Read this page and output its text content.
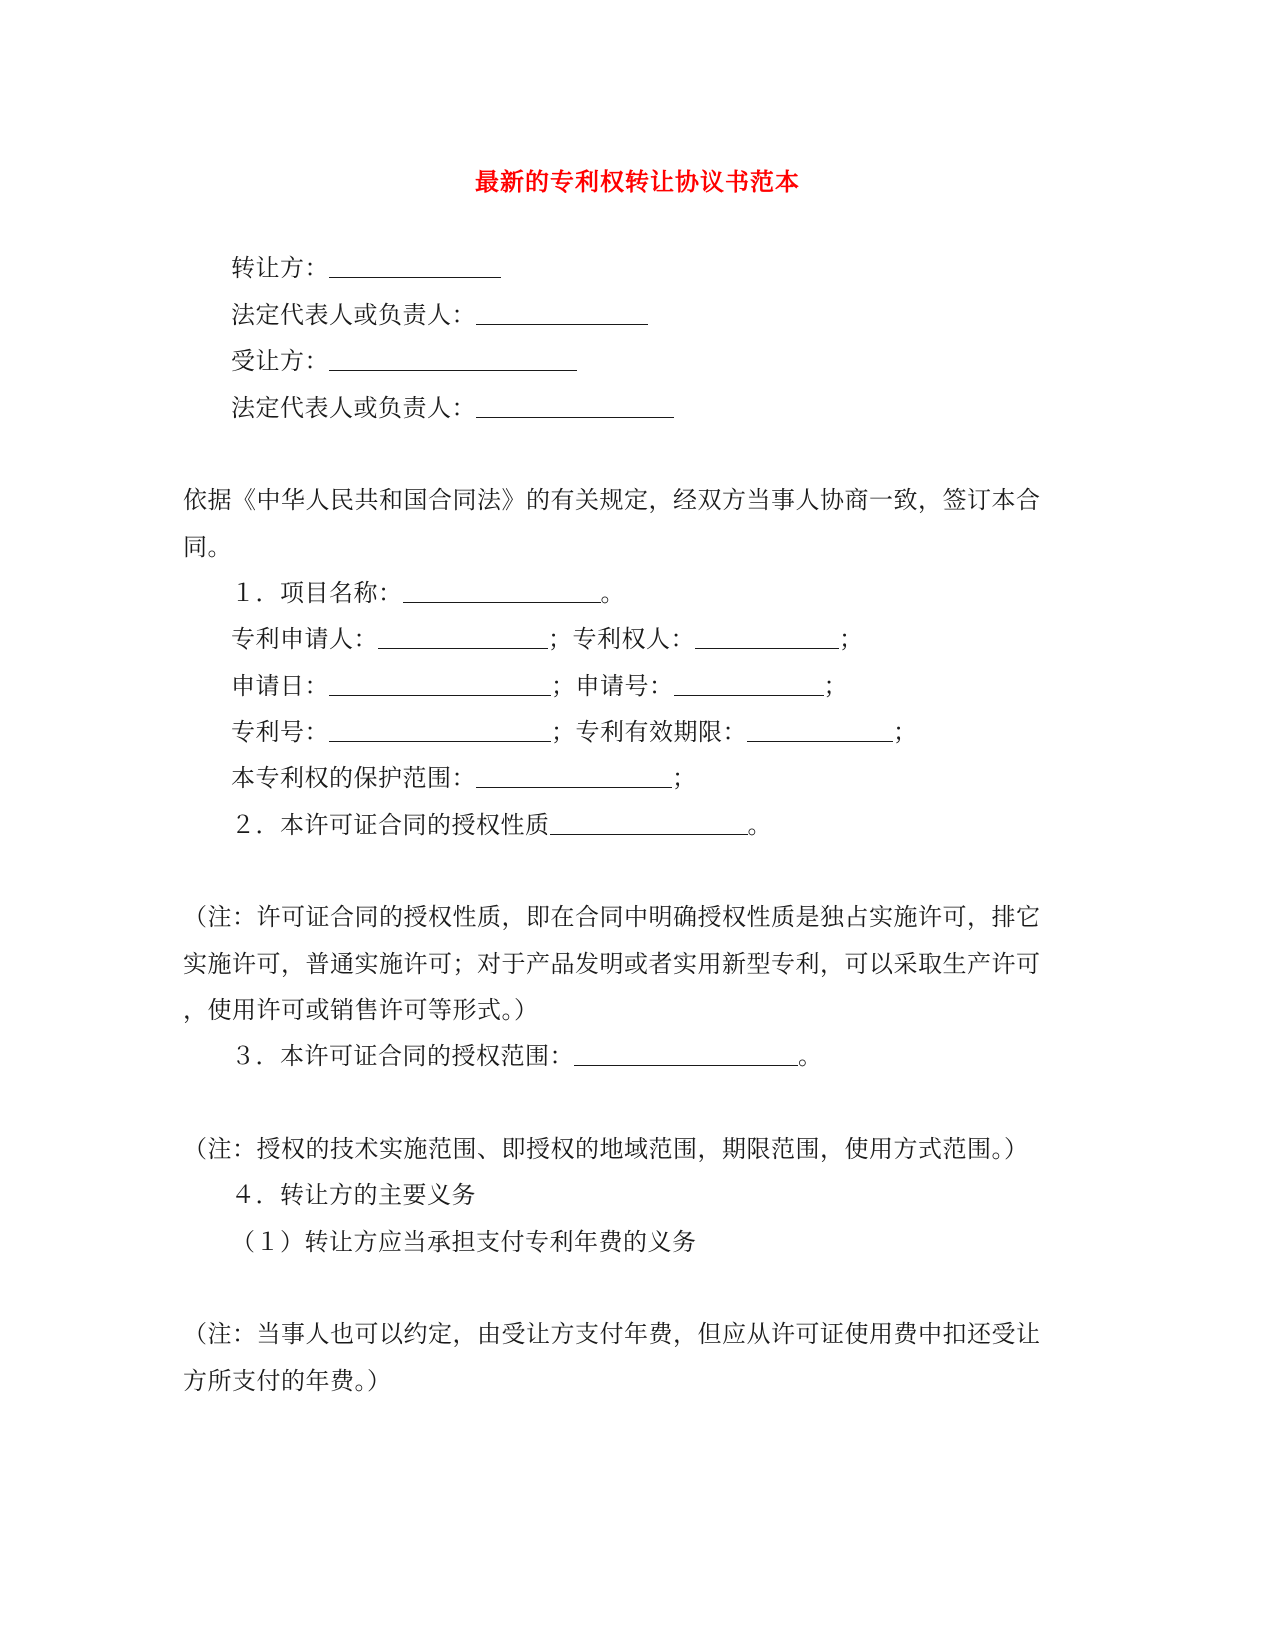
最新的专利权转让协议书范本
转让方：
法定代表人或负责人：
受让方：
法定代表人或负责人：
依据《中华人民共和国合同法》的有关规定，经双方当事人协商一致，签订本合
同。
１．项目名称：	。
专利申请人：	；专利权人：	；
申请日：	；申请号：	；
专利号：	；专利有效期限：	；
本专利权的保护范围：	；
２．本许可证合同的授权性质	。
（注：许可证合同的授权性质，即在合同中明确授权性质是独占实施许可，排它
实施许可，普通实施许可；对于产品发明或者实用新型专利，可以采取生产许可
，使用许可或销售许可等形式。）
３．本许可证合同的授权范围：	。
（注：授权的技术实施范围、即授权的地域范围，期限范围，使用方式范围。）
４．转让方的主要义务
（１）转让方应当承担支付专利年费的义务
（注：当事人也可以约定，由受让方支付年费，但应从许可证使用费中扣还受让
方所支付的年费。）
